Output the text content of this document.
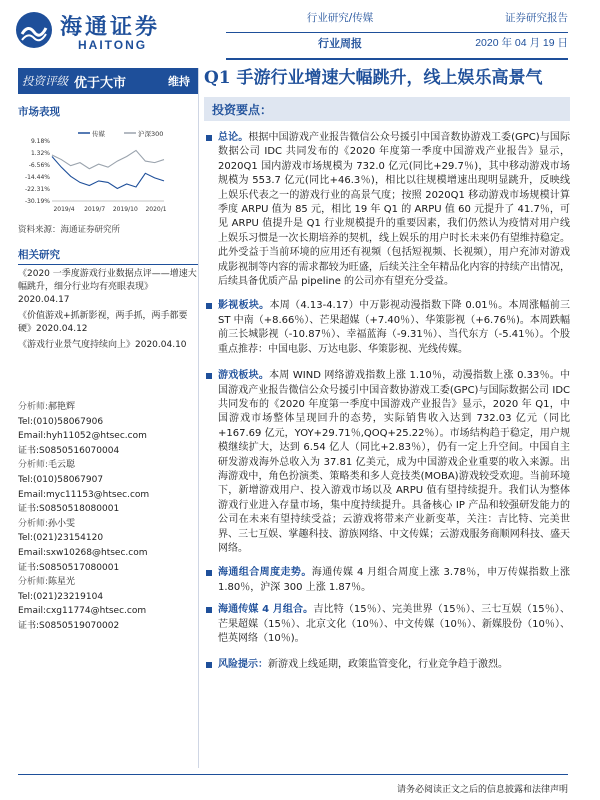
海通证券
HAITONG
行业研究/传媒
行业周报
证券研究报告
2020 年 04 月 19 日
投资评级 优于大市	维持
市场表现
传媒	沪深300
9.18%
1.32%
-6.56%
-14.44%
-22.31%
-30.19%
2019/4 2019/7 2019/10 2020/1
资料来源：海通证券研究所
相关研究
《2020 一季度游戏行业数据点评——增速大幅跳升，细分行业均有亮眼表现》2020.04.17
《价值游戏+抓新影视，两手抓，两手都要硬》2020.04.12
《游戏行业景气度持续向上》2020.04.10
分析师:郝艳辉
Tel:(010)58067906
Email:hyh11052@htsec.com
证书:S0850516070004
分析师:毛云聪
Tel:(010)58067907
Email:myc11153@htsec.com
证书:S0850518080001
分析师:孙小雯
Tel:(021)23154120
Email:sxw10268@htsec.com
证书:S0850517080001
分析师:陈星光
Tel:(021)23219104
Email:cxg11774@htsec.com
证书:S0850519070002
Q1 手游行业增速大幅跳升，线上娱乐高景气
投资要点：
总论。根据中国游戏产业报告微信公众号援引中国音数协游戏工委(GPC)与国际数据公司 IDC 共同发布的《2020 年度第一季度中国游戏产业报告》显示，2020Q1 国内游戏市场规模为 732.0 亿元(同比+29.7％)，其中移动游戏市场规模为 553.7 亿元(同比+46.3％)，相比以往规模增速出现明显跳升，反映线上娱乐代表之一的游戏行业的高景气度；按照 2020Q1 移动游戏市场规模计算季度 ARPU 值为 85 元，相比 19 年 Q1 的 ARPU 值 60 元提升了 41.7％，可见 ARPU 值提升是 Q1 行业规模提升的重要因素，我们仍然认为疫情对用户线上娱乐习惯是一次长期培养的契机，线上娱乐的用户时长未来仍有望维持稳定。此外受益于当前环境的应用还有视频（包括短视频、长视频），用户充沛对游戏成影视制等内容的需求都较为旺盛，后续关注全年精品化内容的持续产出情况，后续具备优质产品 pipeline 的公司亦有望充分受益。
影视板块。本周（4.13-4.17）中万影视动漫指数下降 0.01％。本周涨幅前三 ST 中南（+8.66％）、芒果超媒（+7.40％）、华策影视（+6.76％)。本周跌幅前三长城影视（-10.87％）、幸福蓝海（-9.31％）、当代东方（-5.41％）。个股重点推荐：中国电影、万达电影、华策影视、光线传媒。
游戏板块。本周 WIND 网络游戏指数上涨 1.10％，动漫指数上涨 0.33％。中国游戏产业报告微信公众号援引中国音数协游戏工委(GPC)与国际数据公司 IDC 共同发布的《2020 年度第一季度中国游戏产业报告》显示，2020 年 Q1，中国游戏市场整体呈现回升的态势，实际销售收入达到 732.03 亿元（同比+167.69 亿元，YOY+29.71％,QOQ+25.22％）。市场结构趋于稳定，用户规模继续扩大，达到 6.54 亿人（同比+2.83％），仍有一定上升空间。中国自主研发游戏海外总收入为 37.81 亿美元，成为中国游戏企业重要的收入来源。出海游戏中，角色扮演类、策略类和多人竞技类(MOBA)游戏较受欢迎。当前环境下，新增游戏用户、投入游戏市场以及 ARPU 值有望持续提升。我们认为整体游戏行业进入存量市场，集中度持续提升。具备核心 IP 产品和较强研发能力的公司在未来有望持续受益；云游戏将带来产业新变革，关注：吉比特、完美世界、三七互娱、掌趣科技、游族网络、中文传媒；云游戏服务商顺网科技、盛天网络。
海通组合周度走势。海通传媒 4 月组合周度上涨 3.78％，申万传媒指数上涨 1.80％，沪深 300 上涨 1.87％。
海通传媒 4 月组合。吉比特（15％）、完美世界（15％）、三七互娱（15％）、芒果超媒（15％）、北京文化（10％）、中文传媒（10％）、新媒股份（10％）、恺英网络（10％)。
风险提示：新游戏上线延期，政策监管变化，行业竞争趋于激烈。
请务必阅读正文之后的信息披露和法律声明
